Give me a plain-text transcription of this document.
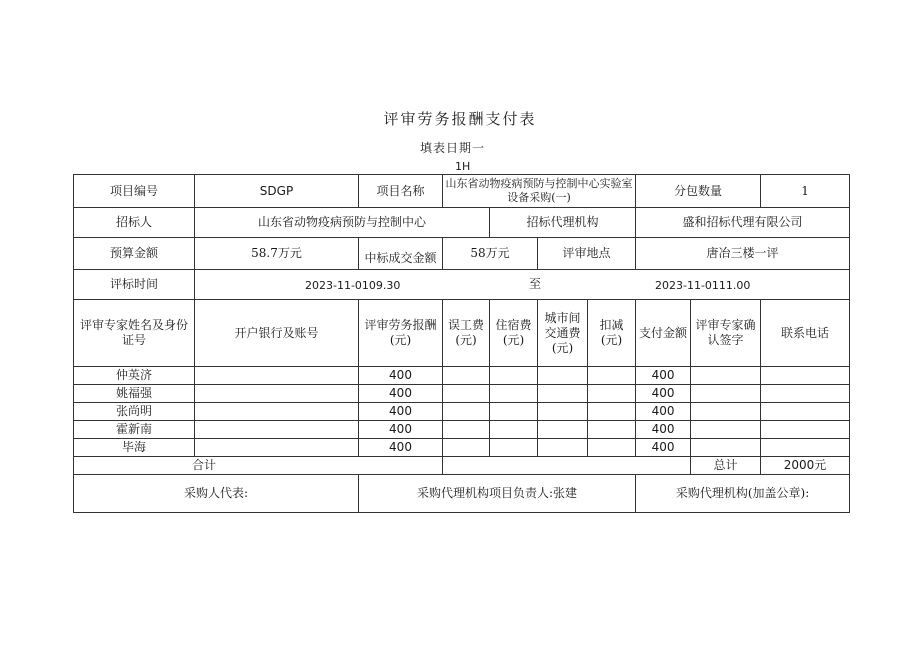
评审劳务报酬支付表
填表日期一
1H
项目编号	SDGP	项目名称	山东省动物疫病预防与控制中心实验室设备采购(一)				分包数量		1
招标人	山东省动物疫病预防与控制中心			招标代理机构			盛和招标代理有限公司		
预算金额	58.7万元	中标成交金额	58万元		评审地点		唐冶三楼一评		
评标时间	2023-11-0109.30 至 2023-11-0111.00								

评审专家姓名及身份证号	开户银行及账号	评审劳务报酬(元)	误工费(元)	住宿费(元)	城市间交通费(元)	扣减(元)	支付金额	评审专家确认签字	联系电话
仲英济		400					400		
姚福强		400					400		
张尚明		400					400		
霍新南		400					400		
毕海		400					400		
合计								总计	2000元
采购人代表:		采购代理机构项目负责人:张建					采购代理机构(加盖公章):		
